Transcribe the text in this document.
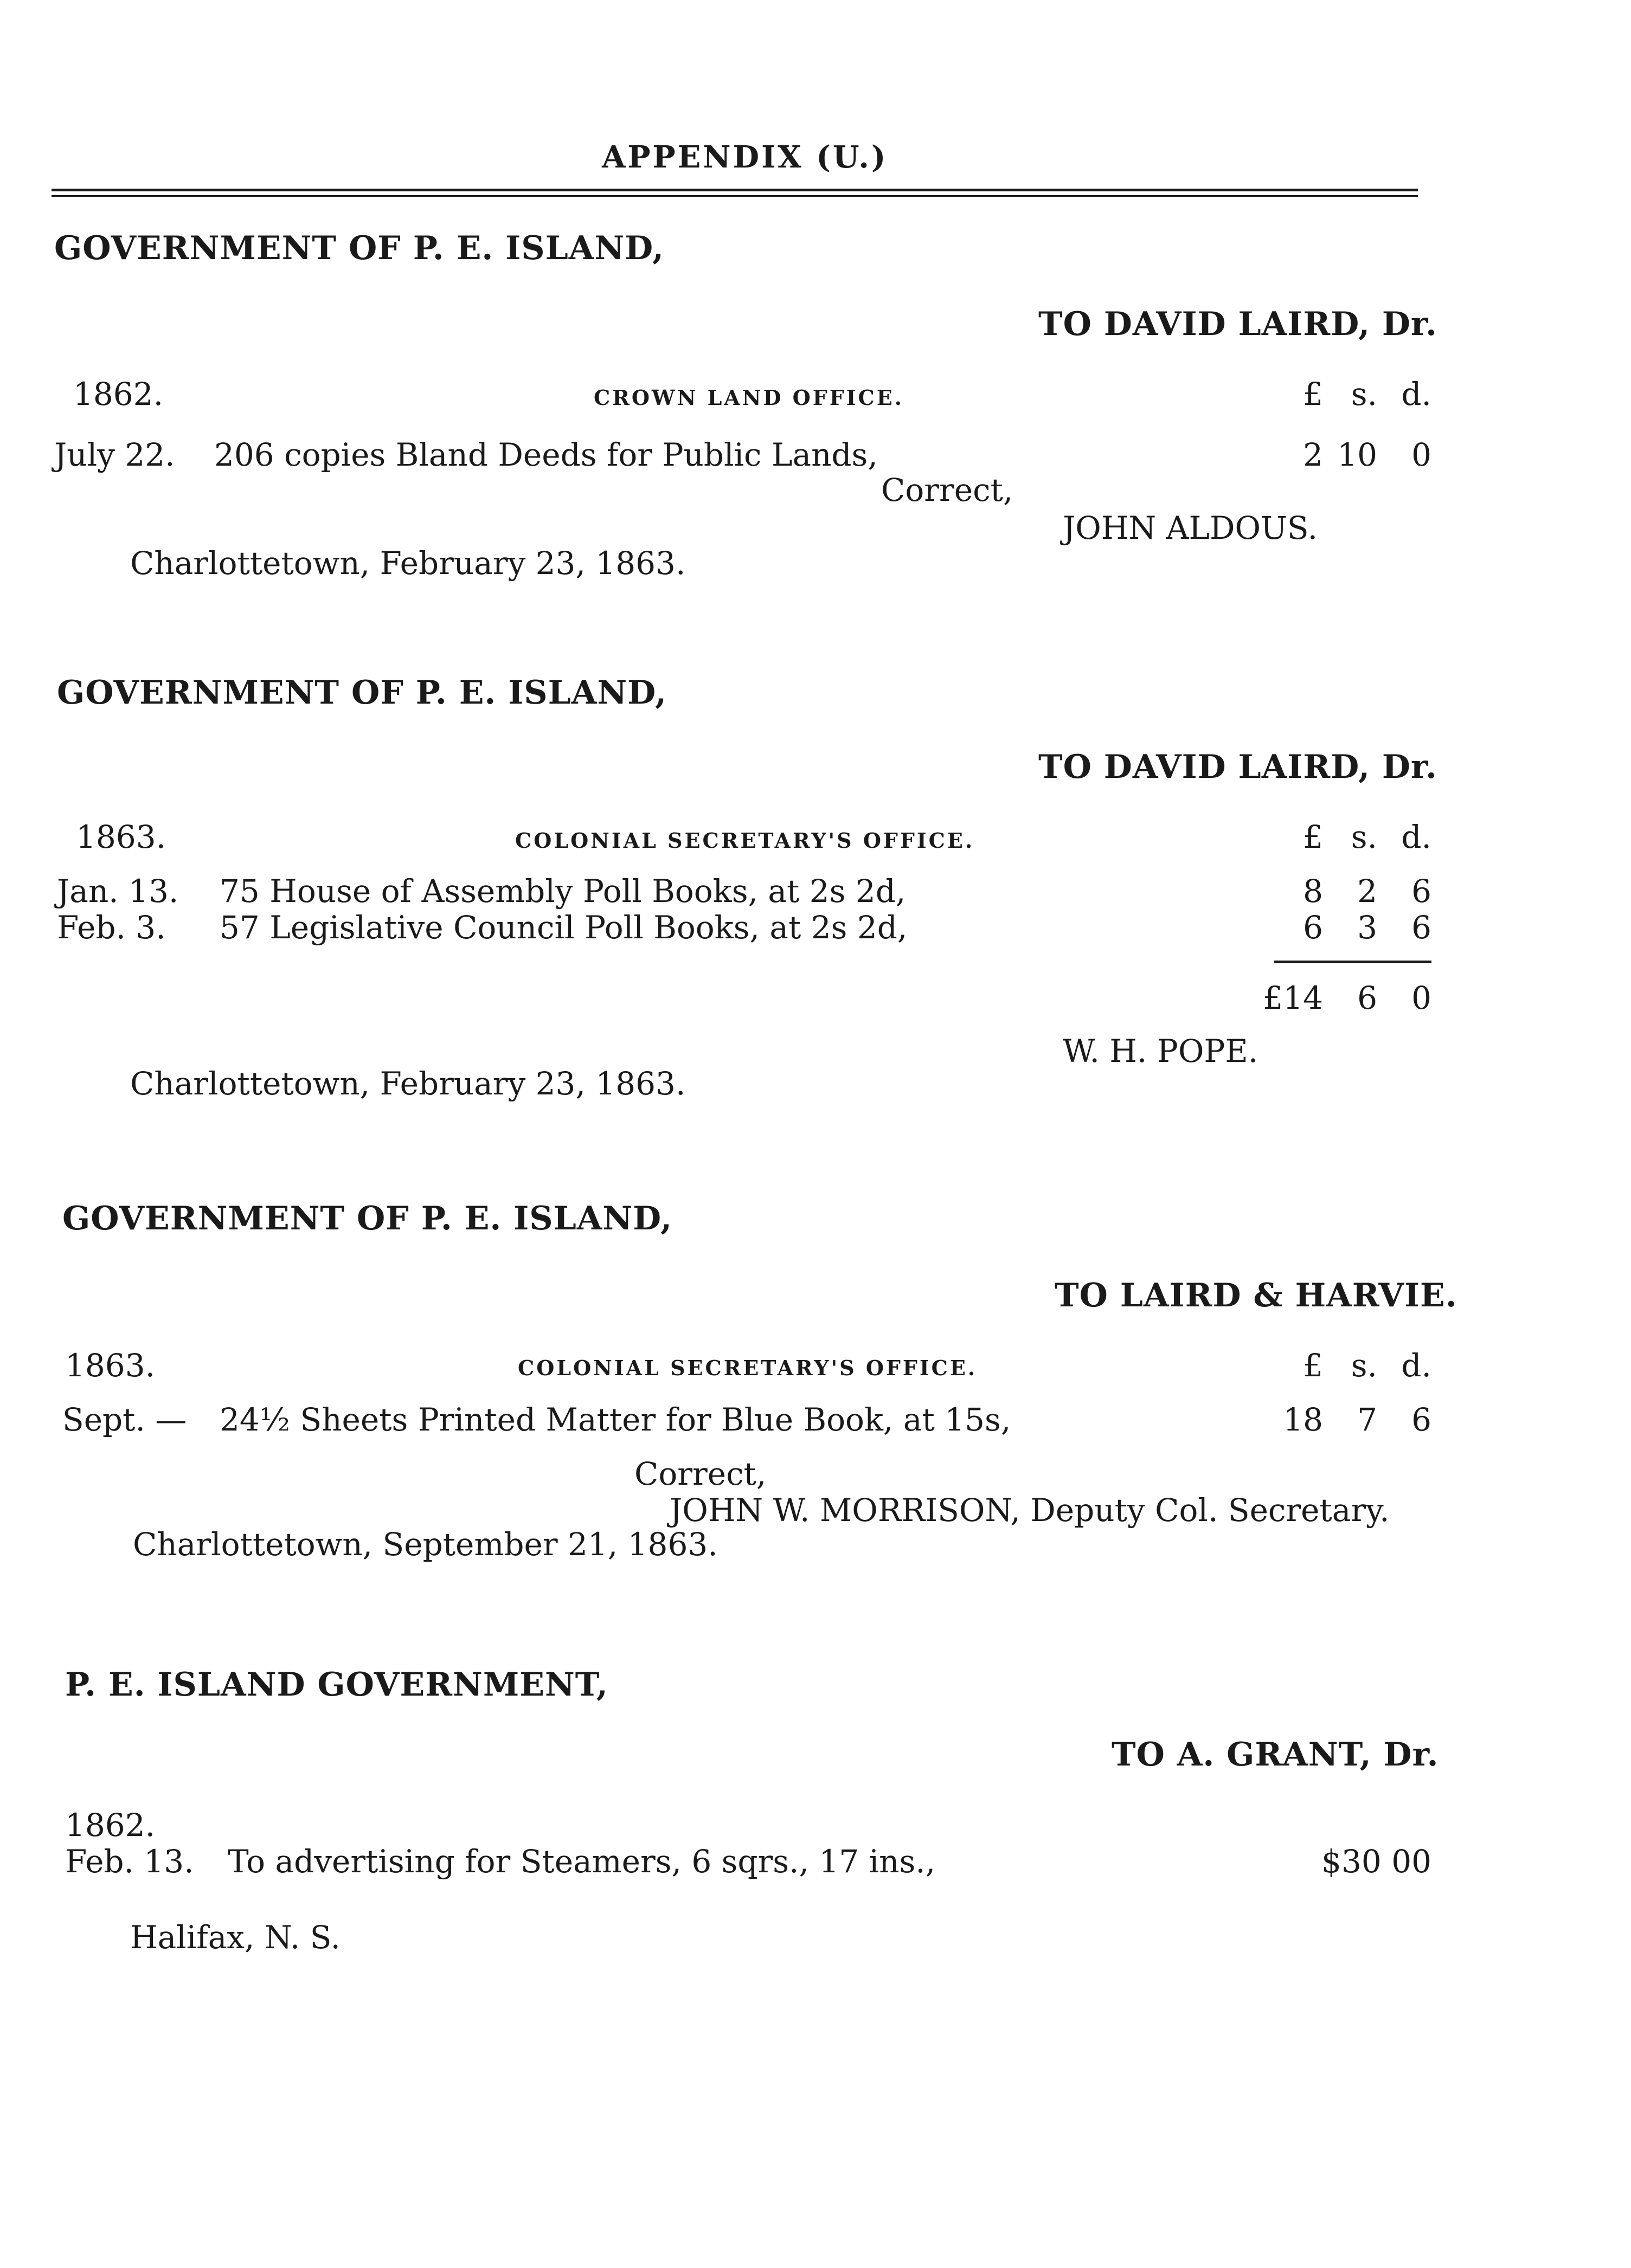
APPENDIX (U.)
GOVERNMENT OF P. E. ISLAND,
TO DAVID LAIRD, Dr.
1862.	CROWN LAND OFFICE.	£ s. d.
July 22. 206 copies Bland Deeds for Public Lands,	2 10	0
Correct,
JOHN ALDOUS.
Charlottetown, February 23, 1863.
GOVERNMENT OF P. E. ISLAND,
TO DAVID LAIRD, Dr.
1863.	COLONIAL SECRETARY'S OFFICE.	£ s. d.
Jan. 13. 75 House of Assembly Poll Books, at 2s 2d,	8	2	6
Feb. 3. 57 Legislative Council Poll Books, at 2s 2d,	6	3	6
£14	6	0
W. H. POPE.
Charlottetown, February 23, 1863.
GOVERNMENT OF P. E. ISLAND,
TO LAIRD & HARVIE.
1863.	COLONIAL SECRETARY'S OFFICE.	£ s. d.
Sept. — 24½ Sheets Printed Matter for Blue Book, at 15s,	18	7	6
Correct,
JOHN W. MORRISON, Deputy Col. Secretary.
Charlottetown, September 21, 1863.
P. E. ISLAND GOVERNMENT,
TO A. GRANT, Dr.
1862.
Feb. 13. To advertising for Steamers, 6 sqrs., 17 ins.,	$30 00
Halifax, N. S.
